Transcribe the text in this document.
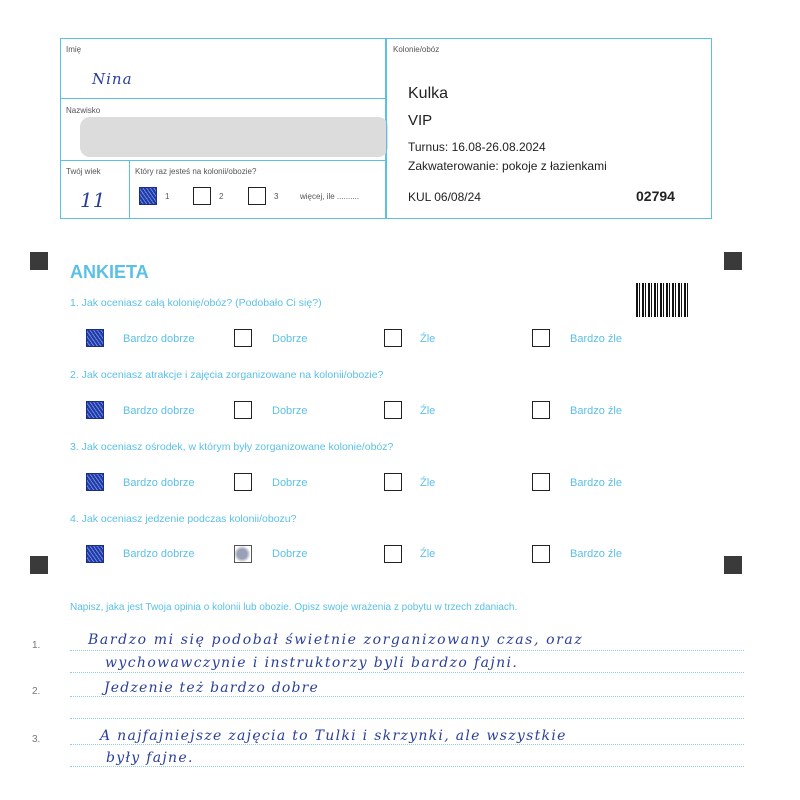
Imię
Nina
Nazwisko
Twój wiek
11
Który raz jesteś na kolonii/obozie?
1	2	3	więcej, ile ..........
Kolonie/obóz
Kulka
VIP
Turnus: 16.08-26.08.2024
Zakwaterowanie: pokoje z łazienkami
KUL 06/08/24	02794
ANKIETA
1. Jak oceniasz całą kolonię/obóz? (Podobało Ci się?)
Bardzo dobrze	Dobrze	Źle	Bardzo źle
2. Jak oceniasz atrakcje i zajęcia zorganizowane na kolonii/obozie?
Bardzo dobrze	Dobrze	Źle	Bardzo źle
3. Jak oceniasz ośrodek, w którym były zorganizowane kolonie/obóz?
Bardzo dobrze	Dobrze	Źle	Bardzo źle
4. Jak oceniasz jedzenie podczas kolonii/obozu?
Bardzo dobrze	Dobrze	Źle	Bardzo źle
Napisz, jaka jest Twoja opinia o kolonii lub obozie. Opisz swoje wrażenia z pobytu w trzech zdaniach.
1.
2.
3.
Bardzo mi się podobał świetnie zorganizowany czas, oraz
wychowawczynie i instruktorzy byli bardzo fajni.
Jedzenie też bardzo dobre
A najfajniejsze zajęcia to Tulki i skrzynki, ale wszystkie
były fajne.
